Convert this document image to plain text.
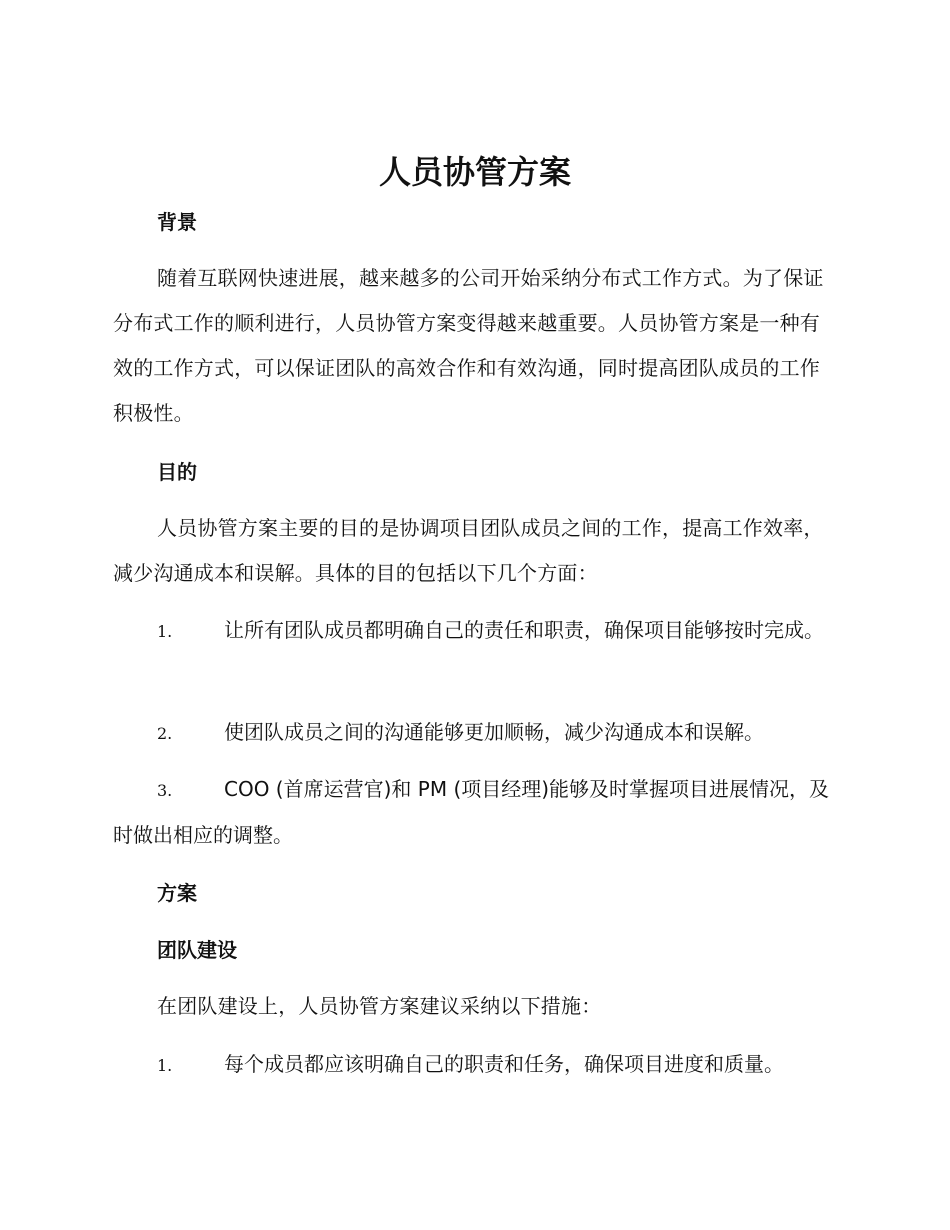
人员协管方案
背景

随着互联网快速进展，越来越多的公司开始采纳分布式工作方式。为了保证分布式工作的顺利进行，人员协管方案变得越来越重要。人员协管方案是一种有效的工作方式，可以保证团队的高效合作和有效沟通，同时提高团队成员的工作积极性。

目的

人员协管方案主要的目的是协调项目团队成员之间的工作，提高工作效率，减少沟通成本和误解。具体的目的包括以下几个方面：

1.	让所有团队成员都明确自己的责任和职责，确保项目能够按时完成。

2.	使团队成员之间的沟通能够更加顺畅，减少沟通成本和误解。

3.	COO (首席运营官)和 PM (项目经理)能够及时掌握项目进展情况，及时做出相应的调整。

方案
团队建设

在团队建设上，人员协管方案建议采纳以下措施：

1.	每个成员都应该明确自己的职责和任务，确保项目进度和质量。
